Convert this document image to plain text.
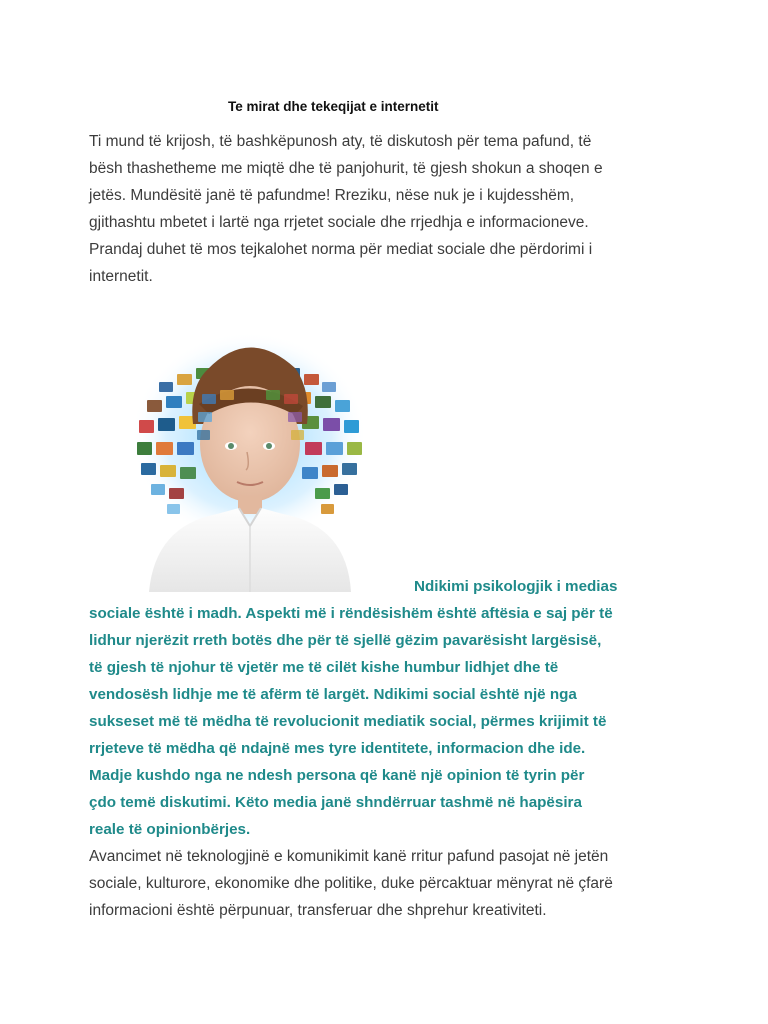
Te mirat dhe tekeqijat e internetit
Ti mund të krijosh, të bashkëpunosh aty, të diskutosh për tema pafund, të
bësh thashetheme me miqtë dhe të panjohurit, të gjesh shokun a shoqen e
jetës. Mundësitë janë të pafundme! Rreziku, nëse nuk je i kujdesshëm,
gjithashtu mbetet i lartë nga rrjetet sociale dhe rrjedhja e informacioneve.
Prandaj duhet të mos tejkalohet norma për mediat sociale dhe përdorimi i
internetit.
Ndikimi psikologjik i medias
sociale është i madh. Aspekti më i rëndësishëm është aftësia e saj për të
lidhur njerëzit rreth botës dhe për të sjellë gëzim pavarësisht largësisë,
të gjesh të njohur të vjetër me të cilët kishe humbur lidhjet dhe të
vendosësh lidhje me të afërm të largët. Ndikimi social është një nga
sukseset më të mëdha të revolucionit mediatik social, përmes krijimit të
rrjeteve të mëdha që ndajnë mes tyre identitete, informacion dhe ide.
Madje kushdo nga ne ndesh persona që kanë një opinion të tyrin për
çdo temë diskutimi. Këto media janë shndërruar tashmë në hapësira
reale të opinionbërjes.
Avancimet në teknologjinë e komunikimit kanë rritur pafund pasojat në jetën
sociale, kulturore, ekonomike dhe politike, duke përcaktuar mënyrat në çfarë
informacioni është përpunuar, transferuar dhe shprehur kreativiteti.
